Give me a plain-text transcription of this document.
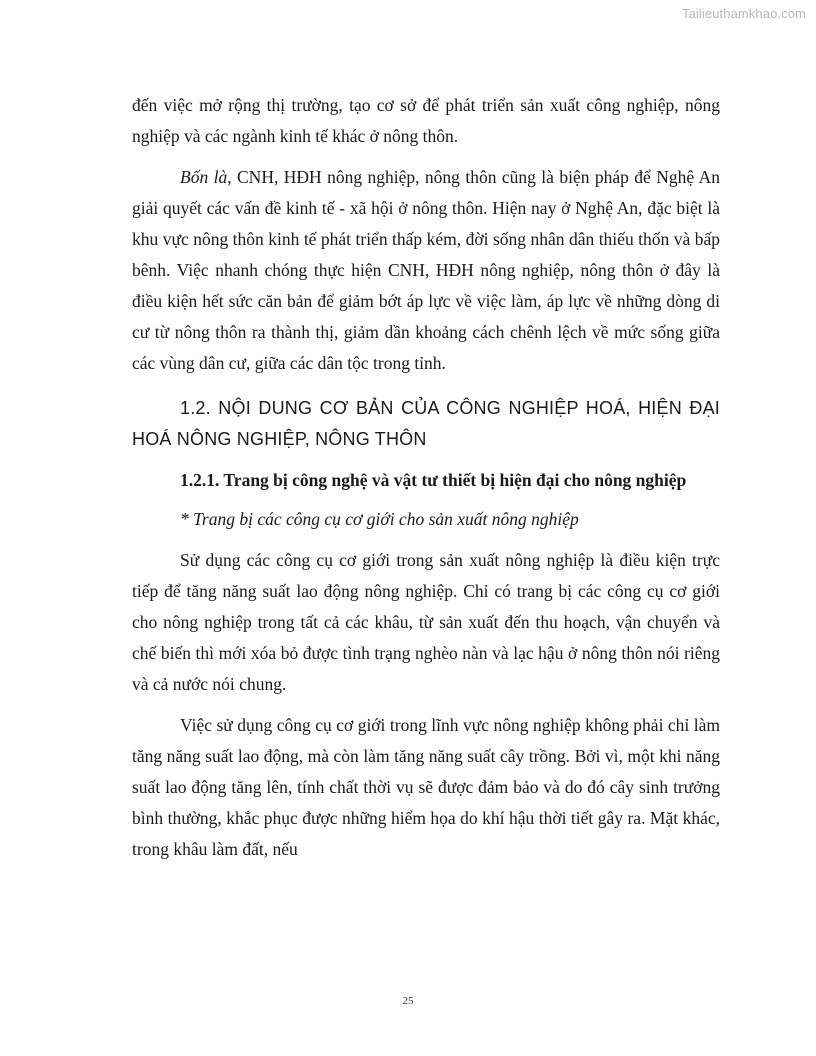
Tailieuthamkhao.com

đến việc mở rộng thị trường, tạo cơ sở để phát triển sản xuất công nghiệp, nông nghiệp và các ngành kinh tế khác ở nông thôn.

Bốn là, CNH, HĐH nông nghiệp, nông thôn cũng là biện pháp để Nghệ An giải quyết các vấn đề kinh tế - xã hội ở nông thôn. Hiện nay ở Nghệ An, đặc biệt là khu vực nông thôn kinh tế phát triển thấp kém, đời sống nhân dân thiếu thốn và bấp bênh. Việc nhanh chóng thực hiện CNH, HĐH nông nghiệp, nông thôn ở đây là điều kiện hết sức căn bản để giảm bớt áp lực về việc làm, áp lực về những dòng di cư từ nông thôn ra thành thị, giảm dần khoảng cách chênh lệch về mức sống giữa các vùng dân cư, giữa các dân tộc trong tỉnh.

1.2. NỘI DUNG CƠ BẢN CỦA CÔNG NGHIỆP HOÁ, HIỆN ĐẠI HOÁ NÔNG NGHIỆP, NÔNG THÔN

1.2.1. Trang bị công nghệ và vật tư thiết bị hiện đại cho nông nghiệp

* Trang bị các công cụ cơ giới cho sản xuất nông nghiệp

Sử dụng các công cụ cơ giới trong sản xuất nông nghiệp là điều kiện trực tiếp để tăng năng suất lao động nông nghiệp. Chỉ có trang bị các công cụ cơ giới cho nông nghiệp trong tất cả các khâu, từ sản xuất đến thu hoạch, vận chuyển và chế biến thì mới xóa bỏ được tình trạng nghèo nàn và lạc hậu ở nông thôn nói riêng và cả nước nói chung.

Việc sử dụng công cụ cơ giới trong lĩnh vực nông nghiệp không phải chỉ làm tăng năng suất lao động, mà còn làm tăng năng suất cây trồng. Bởi vì, một khi năng suất lao động tăng lên, tính chất thời vụ sẽ được đảm bảo và do đó cây sinh trưởng bình thường, khắc phục được những hiểm họa do khí hậu thời tiết gây ra. Mặt khác, trong khâu làm đất, nếu

25
